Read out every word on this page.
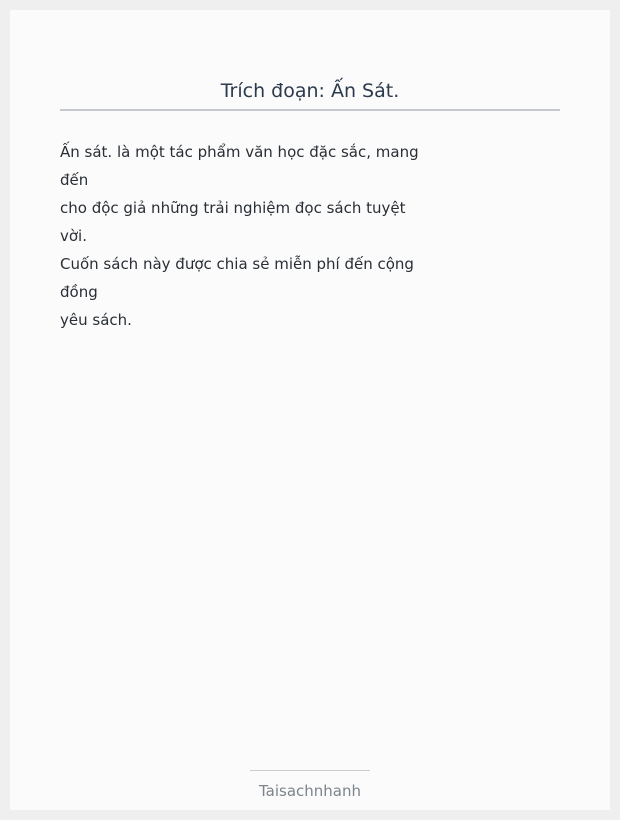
Trích đoạn: Ấn Sát.
Ấn sát. là một tác phẩm văn học đặc sắc, mang
đến
cho độc giả những trải nghiệm đọc sách tuyệt
vời.
Cuốn sách này được chia sẻ miễn phí đến cộng
đồng
yêu sách.
Taisachnhanh
